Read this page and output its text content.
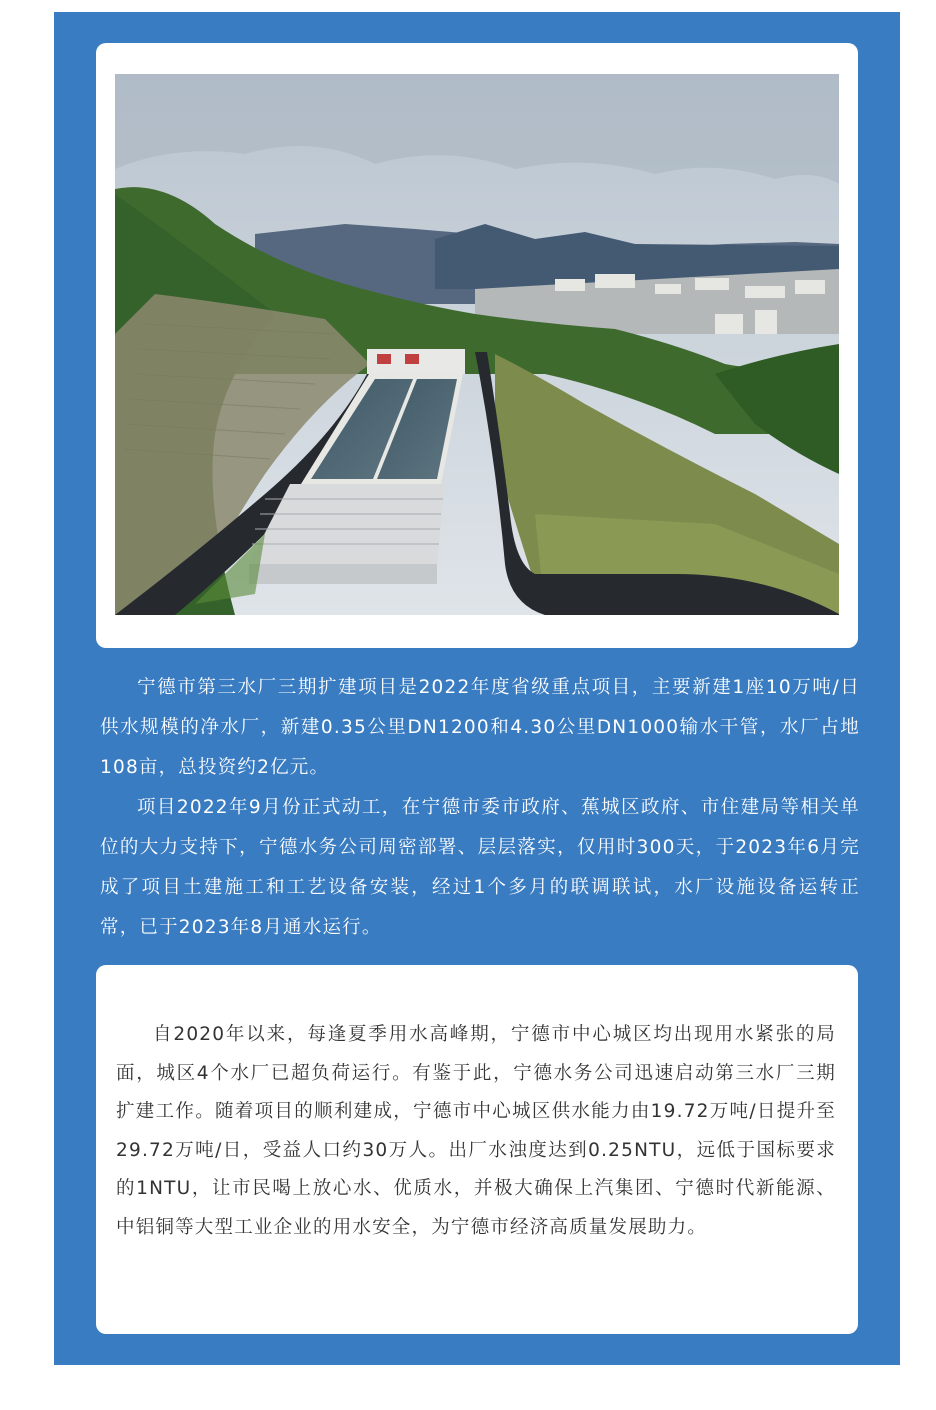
宁德市第三水厂三期扩建项目是2022年度省级重点项目，主要新建1座10万吨/日供水规模的净水厂，新建0.35公里DN1200和4.30公里DN1000输水干管，水厂占地108亩，总投资约2亿元。

项目2022年9月份正式动工，在宁德市委市政府、蕉城区政府、市住建局等相关单位的大力支持下，宁德水务公司周密部署、层层落实，仅用时300天，于2023年6月完成了项目土建施工和工艺设备安装，经过1个多月的联调联试，水厂设施设备运转正常，已于2023年8月通水运行。

自2020年以来，每逢夏季用水高峰期，宁德市中心城区均出现用水紧张的局面，城区4个水厂已超负荷运行。有鉴于此，宁德水务公司迅速启动第三水厂三期扩建工作。随着项目的顺利建成，宁德市中心城区供水能力由19.72万吨/日提升至29.72万吨/日，受益人口约30万人。出厂水浊度达到0.25NTU，远低于国标要求的1NTU，让市民喝上放心水、优质水，并极大确保上汽集团、宁德时代新能源、中铝铜等大型工业企业的用水安全，为宁德市经济高质量发展助力。
